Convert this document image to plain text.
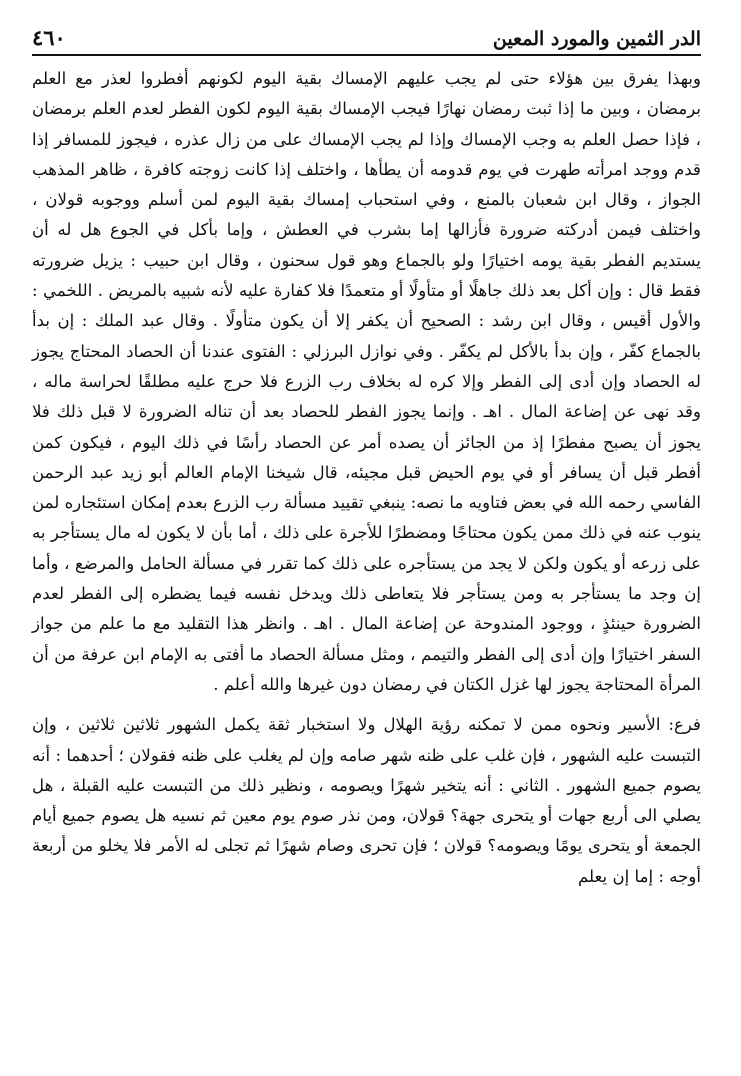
الدر الثمين والمورد المعين
٤٦٠

وبهذا يفرق بين هؤلاء حتى لم يجب عليهم الإمساك بقية اليوم لكونهم أفطروا لعذر مع العلم برمضان ، وبين ما إذا ثبت رمضان نهارًا فيجب الإمساك بقية اليوم لكون الفطر لعدم العلم برمضان ، فإذا حصل العلم به وجب الإمساك وإذا لم يجب الإمساك على من زال عذره ، فيجوز للمسافر إذا قدم ووجد امرأته طهرت في يوم قدومه أن يطأها ، واختلف إذا كانت زوجته كافرة ، ظاهر المذهب الجواز ، وقال ابن شعبان بالمنع ، وفي استحباب إمساك بقية اليوم لمن أسلم ووجوبه قولان ، واختلف فيمن أدركته ضرورة فأزالها إما بشرب في العطش ، وإما بأكل في الجوع هل له أن يستديم الفطر بقية يومه اختيارًا ولو بالجماع وهو قول سحنون ، وقال ابن حبيب : يزيل ضرورته فقط قال : وإن أكل بعد ذلك جاهلًا أو متأولًا أو متعمدًا فلا كفارة عليه لأنه شبيه بالمريض . اللخمي : والأول أقيس ، وقال ابن رشد : الصحيح أن يكفر إلا أن يكون متأولًا . وقال عبد الملك : إن بدأ بالجماع كفّر ، وإن بدأ بالأكل لم يكفّر . وفي نوازل البرزلي : الفتوى عندنا أن الحصاد المحتاج يجوز له الحصاد وإن أدى إلى الفطر وإلا كره له بخلاف رب الزرع فلا حرج عليه مطلقًا لحراسة ماله ، وقد نهى عن إضاعة المال . اهـ . وإنما يجوز الفطر للحصاد بعد أن تناله الضرورة لا قبل ذلك فلا يجوز أن يصبح مفطرًا إذ من الجائز أن يصده أمر عن الحصاد رأسًا في ذلك اليوم ، فيكون كمن أفطر قبل أن يسافر أو في يوم الحيض قبل مجيئه، قال شيخنا الإمام العالم أبو زيد عبد الرحمن الفاسي رحمه الله في بعض فتاويه ما نصه: ينبغي تقييد مسألة رب الزرع بعدم إمكان استئجاره لمن ينوب عنه في ذلك ممن يكون محتاجًا ومضطرًا للأجرة على ذلك ، أما بأن لا يكون له مال يستأجر به على زرعه أو يكون ولكن لا يجد من يستأجره على ذلك كما تقرر في مسألة الحامل والمرضع ، وأما إن وجد ما يستأجر به ومن يستأجر فلا يتعاطى ذلك ويدخل نفسه فيما يضطره إلى الفطر لعدم الضرورة حينئذٍ ، ووجود المندوحة عن إضاعة المال . اهـ . وانظر هذا التقليد مع ما علم من جواز السفر اختيارًا وإن أدى إلى الفطر والتيمم ، ومثل مسألة الحصاد ما أفتى به الإمام ابن عرفة من أن المرأة المحتاجة يجوز لها غزل الكتان في رمضان دون غيرها والله أعلم .

فرع: الأسير ونحوه ممن لا تمكنه رؤية الهلال ولا استخبار ثقة يكمل الشهور ثلاثين ثلاثين ، وإن التبست عليه الشهور ، فإن غلب على ظنه شهر صامه وإن لم يغلب على ظنه فقولان ؛ أحدهما : أنه يصوم جميع الشهور . الثاني : أنه يتخير شهرًا ويصومه ، ونظير ذلك من التبست عليه القبلة ، هل يصلي الى أربع جهات أو يتحرى جهة؟ قولان، ومن نذر صوم يوم معين ثم نسيه هل يصوم جميع أيام الجمعة أو يتحرى يومًا ويصومه؟ قولان ؛ فإن تحرى وصام شهرًا ثم تجلى له الأمر فلا يخلو من أربعة أوجه : إما إن يعلم
